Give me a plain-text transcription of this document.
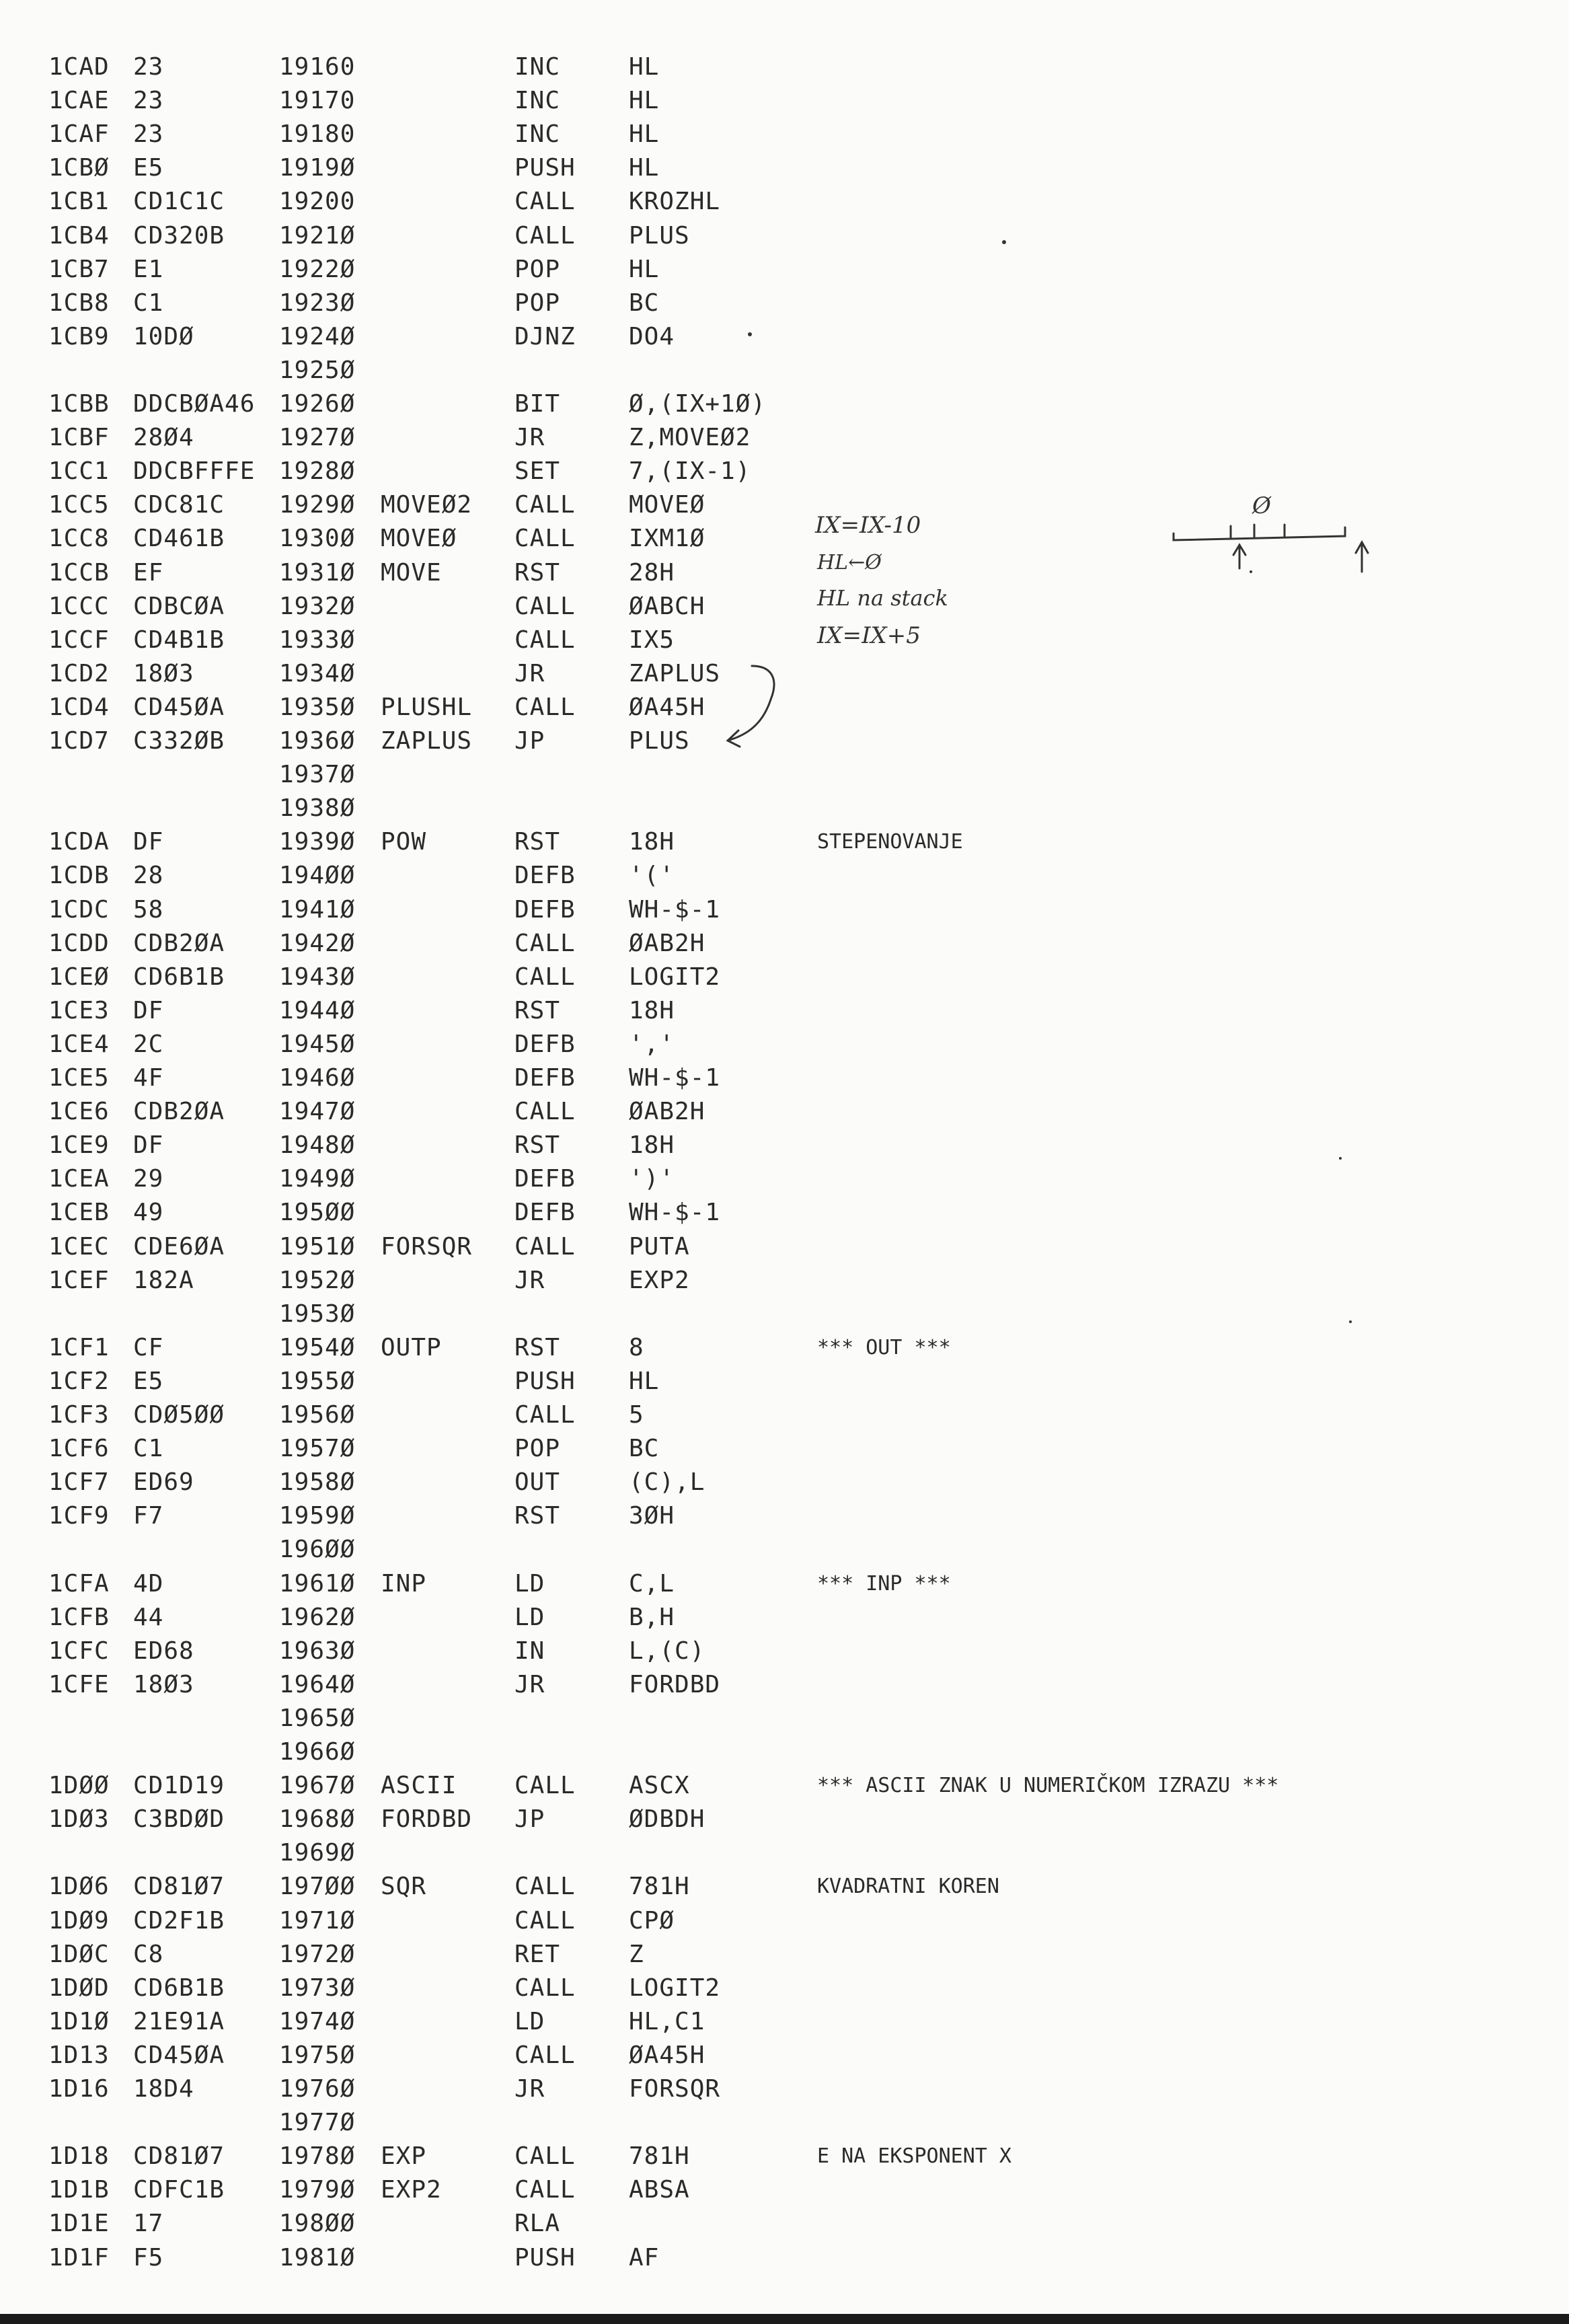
1CAD 23	19160	INC	HL
1CAE 23	19170	INC	HL
1CAF 23	19180	INC	HL
1CBØ E5	1919Ø	PUSH HL
1CB1 CD1C1C 19200	CALL KROZHL
1CB4 CD320B 1921Ø	CALL PLUS
1CB7 E1	1922Ø	POP	HL
1CB8 C1	1923Ø	POP	BC
1CB9 10DØ	1924Ø	DJNZ DO4
1925Ø
1CBB DDCBØA46 1926Ø	BIT	Ø,(IX+1Ø)
1CBF 28Ø4	1927Ø	JR	Z,MOVEØ2
1CC1 DDCBFFFE 1928Ø	SET	7,(IX-1)
1CC5 CDC81C 1929Ø MOVEØ2 CALL MOVEØ
1CC8 CD461B 1930Ø MOVEØ CALL IXM1Ø
1CCB EF	1931Ø MOVE	RST	28H
1CCC CDBCØA 1932Ø	CALL ØABCH
1CCF CD4B1B 1933Ø	CALL IX5
1CD2 18Ø3	1934Ø	JR	ZAPLUS
1CD4 CD45ØA 1935Ø PLUSHL CALL ØA45H
1CD7 C332ØB 1936Ø ZAPLUS JP	PLUS
1937Ø
1938Ø
1CDA DF	1939Ø POW	RST	18H	STEPENOVANJE
1CDB 28	194ØØ	DEFB '('
1CDC 58	1941Ø	DEFB WH-$-1
1CDD CDB2ØA 1942Ø	CALL ØAB2H
1CEØ CD6B1B 1943Ø	CALL LOGIT2
1CE3 DF	1944Ø	RST	18H
1CE4 2C	1945Ø	DEFB ','
1CE5 4F	1946Ø	DEFB WH-$-1
1CE6 CDB2ØA 1947Ø	CALL ØAB2H
1CE9 DF	1948Ø	RST	18H
1CEA 29	1949Ø	DEFB ')'
1CEB 49	195ØØ	DEFB WH-$-1
1CEC CDE6ØA 1951Ø FORSQR CALL PUTA
1CEF 182A	1952Ø	JR	EXP2
1953Ø
1CF1 CF	1954Ø OUTP	RST	8	*** OUT ***
1CF2 E5	1955Ø	PUSH HL
1CF3 CDØ5ØØ 1956Ø	CALL 5
1CF6 C1	1957Ø	POP	BC
1CF7 ED69	1958Ø	OUT	(C),L
1CF9 F7	1959Ø	RST	3ØH
196ØØ
1CFA 4D	1961Ø INP	LD	C,L	*** INP ***
1CFB 44	1962Ø	LD	B,H
1CFC ED68	1963Ø	IN	L,(C)
1CFE 18Ø3	1964Ø	JR	FORDBD
1965Ø
1966Ø
1DØØ CD1D19 1967Ø ASCII CALL ASCX	*** ASCII ZNAK U NUMERIČKOM IZRAZU ***
1DØ3 C3BDØD 1968Ø FORDBD JP	ØDBDH
1969Ø
1DØ6 CD81Ø7 197ØØ SQR	CALL 781H	KVADRATNI KOREN
1DØ9 CD2F1B 1971Ø	CALL CPØ
1DØC C8	1972Ø	RET	Z
1DØD CD6B1B 1973Ø	CALL LOGIT2
1D1Ø 21E91A 1974Ø	LD	HL,C1
1D13 CD45ØA 1975Ø	CALL ØA45H
1D16 18D4	1976Ø	JR	FORSQR
1977Ø
1D18 CD81Ø7 1978Ø EXP	CALL 781H	E NA EKSPONENT X
1D1B CDFC1B 1979Ø EXP2	CALL ABSA
1D1E 17	198ØØ	RLA
1D1F F5	1981Ø	PUSH AF
IX=IX-10
HL←Ø
HL na stack
IX=IX+5
Ø
